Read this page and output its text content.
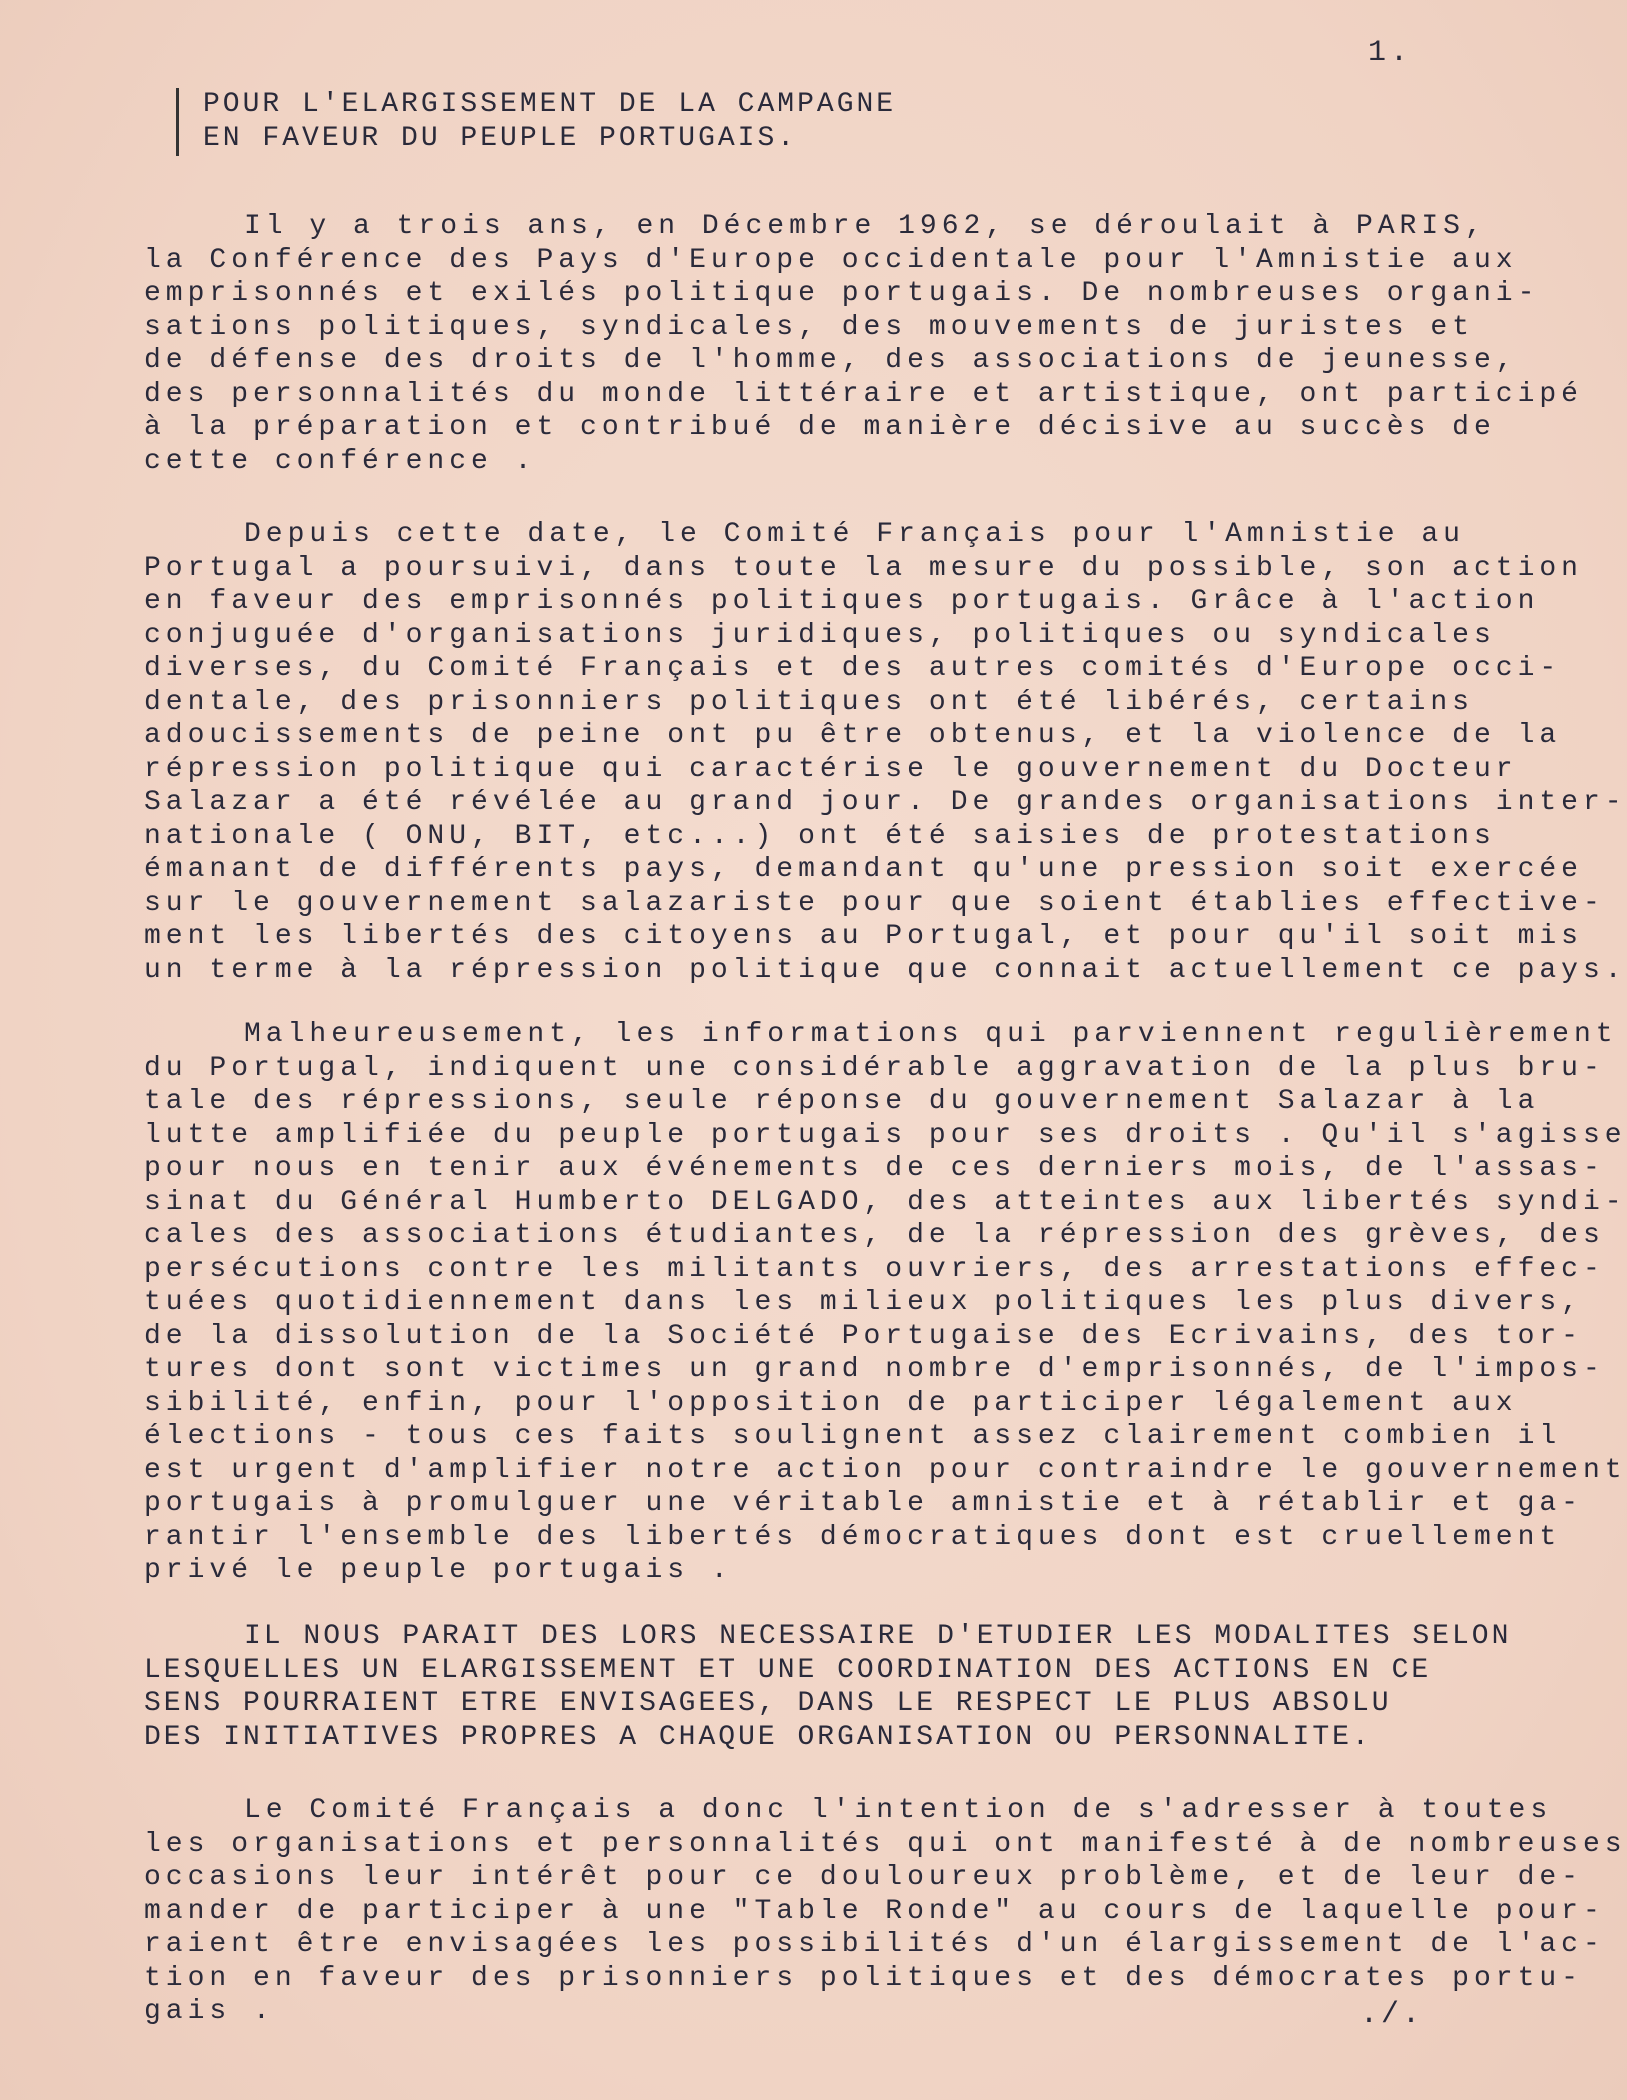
1.
POUR L'ELARGISSEMENT DE LA CAMPAGNE
EN FAVEUR DU PEUPLE PORTUGAIS.
Il y a trois ans, en Décembre 1962, se déroulait à PARIS,
la Conférence des Pays d'Europe occidentale pour l'Amnistie aux
emprisonnés et exilés politique portugais. De nombreuses organi-
sations politiques, syndicales, des mouvements de juristes et
de défense des droits de l'homme, des associations de jeunesse,
des personnalités du monde littéraire et artistique, ont participé
à la préparation et contribué de manière décisive au succès de
cette conférence .
Depuis cette date, le Comité Français pour l'Amnistie au
Portugal a poursuivi, dans toute la mesure du possible, son action
en faveur des emprisonnés politiques portugais. Grâce à l'action
conjuguée d'organisations juridiques, politiques ou syndicales
diverses, du Comité Français et des autres comités d'Europe occi-
dentale, des prisonniers politiques ont été libérés, certains
adoucissements de peine ont pu être obtenus, et la violence de la
répression politique qui caractérise le gouvernement du Docteur
Salazar a été révélée au grand jour. De grandes organisations inter-
nationale ( ONU, BIT, etc...) ont été saisies de protestations
émanant de différents pays, demandant qu'une pression soit exercée
sur le gouvernement salazariste pour que soient établies effective-
ment les libertés des citoyens au Portugal, et pour qu'il soit mis
un terme à la répression politique que connait actuellement ce pays.
Malheureusement, les informations qui parviennent regulièrement
du Portugal, indiquent une considérable aggravation de la plus bru-
tale des répressions, seule réponse du gouvernement Salazar à la
lutte amplifiée du peuple portugais pour ses droits . Qu'il s'agisse
pour nous en tenir aux événements de ces derniers mois, de l'assas-
sinat du Général Humberto DELGADO, des atteintes aux libertés syndi-
cales des associations étudiantes, de la répression des grèves, des
persécutions contre les militants ouvriers, des arrestations effec-
tuées quotidiennement dans les milieux politiques les plus divers,
de la dissolution de la Société Portugaise des Ecrivains, des tor-
tures dont sont victimes un grand nombre d'emprisonnés, de l'impos-
sibilité, enfin, pour l'opposition de participer légalement aux
élections - tous ces faits soulignent assez clairement combien il
est urgent d'amplifier notre action pour contraindre le gouvernement
portugais à promulguer une véritable amnistie et à rétablir et ga-
rantir l'ensemble des libertés démocratiques dont est cruellement
privé le peuple portugais .
IL NOUS PARAIT DES LORS NECESSAIRE D'ETUDIER LES MODALITES SELON
LESQUELLES UN ELARGISSEMENT ET UNE COORDINATION DES ACTIONS EN CE
SENS POURRAIENT ETRE ENVISAGEES, DANS LE RESPECT LE PLUS ABSOLU
DES INITIATIVES PROPRES A CHAQUE ORGANISATION OU PERSONNALITE.
Le Comité Français a donc l'intention de s'adresser à toutes
les organisations et personnalités qui ont manifesté à de nombreuses
occasions leur intérêt pour ce douloureux problème, et de leur de-
mander de participer à une "Table Ronde" au cours de laquelle pour-
raient être envisagées les possibilités d'un élargissement de l'ac-
tion en faveur des prisonniers politiques et des démocrates portu-
gais .	./.
